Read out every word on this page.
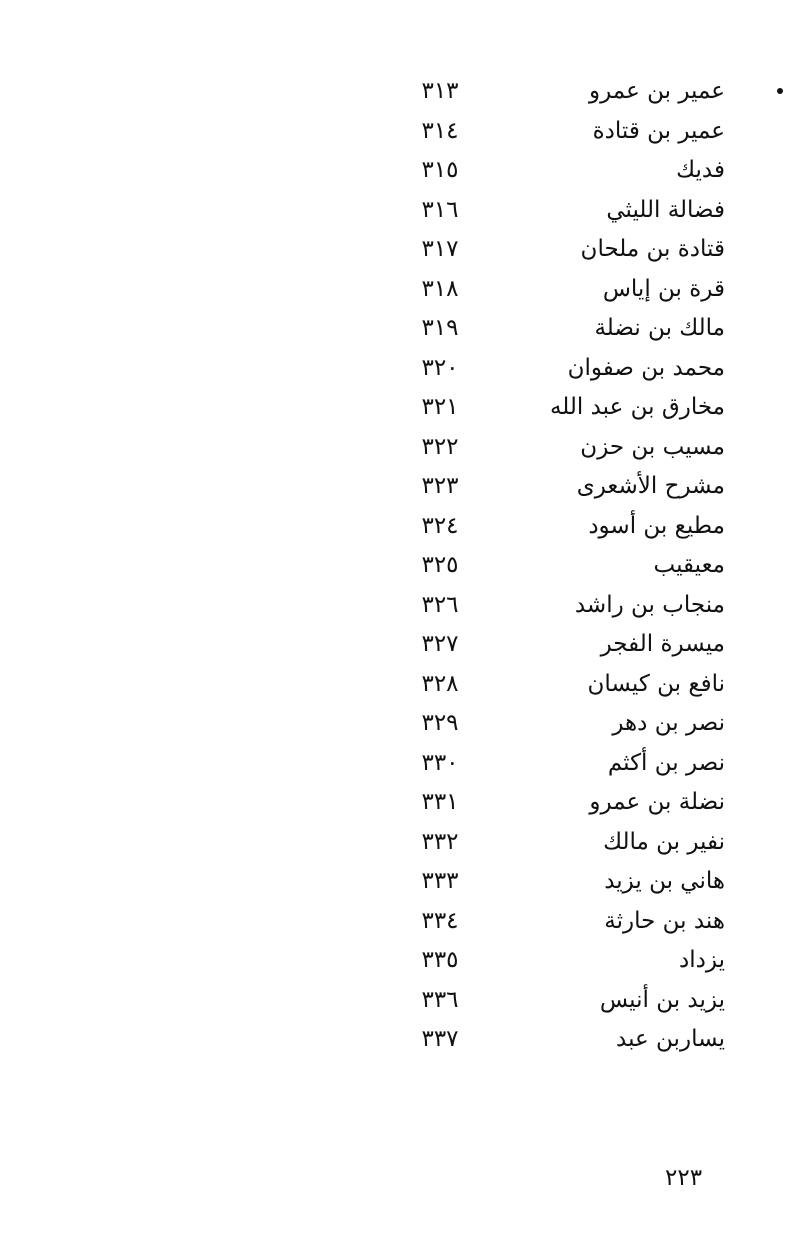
عمير بن عمرو
٣١٣
عمير بن قتادة
٣١٤
فديك
٣١٥
فضالة الليثي
٣١٦
قتادة بن ملحان
٣١٧
قرة بن إياس
٣١٨
مالك بن نضلة
٣١٩
محمد بن صفوان
٣٢٠
مخارق بن عبد الله
٣٢١
مسيب بن حزن
٣٢٢
مشرح الأشعرى
٣٢٣
مطيع بن أسود
٣٢٤
معيقيب
٣٢٥
منجاب بن راشد
٣٢٦
ميسرة الفجر
٣٢٧
نافع بن كيسان
٣٢٨
نصر بن دهر
٣٢٩
نصر بن أكثم
٣٣٠
نضلة بن عمرو
٣٣١
نفير بن مالك
٣٣٢
هاني بن يزيد
٣٣٣
هند بن حارثة
٣٣٤
يزداد
٣٣٥
يزيد بن أنيس
٣٣٦
يساربن عبد
٣٣٧
٢٢٣
